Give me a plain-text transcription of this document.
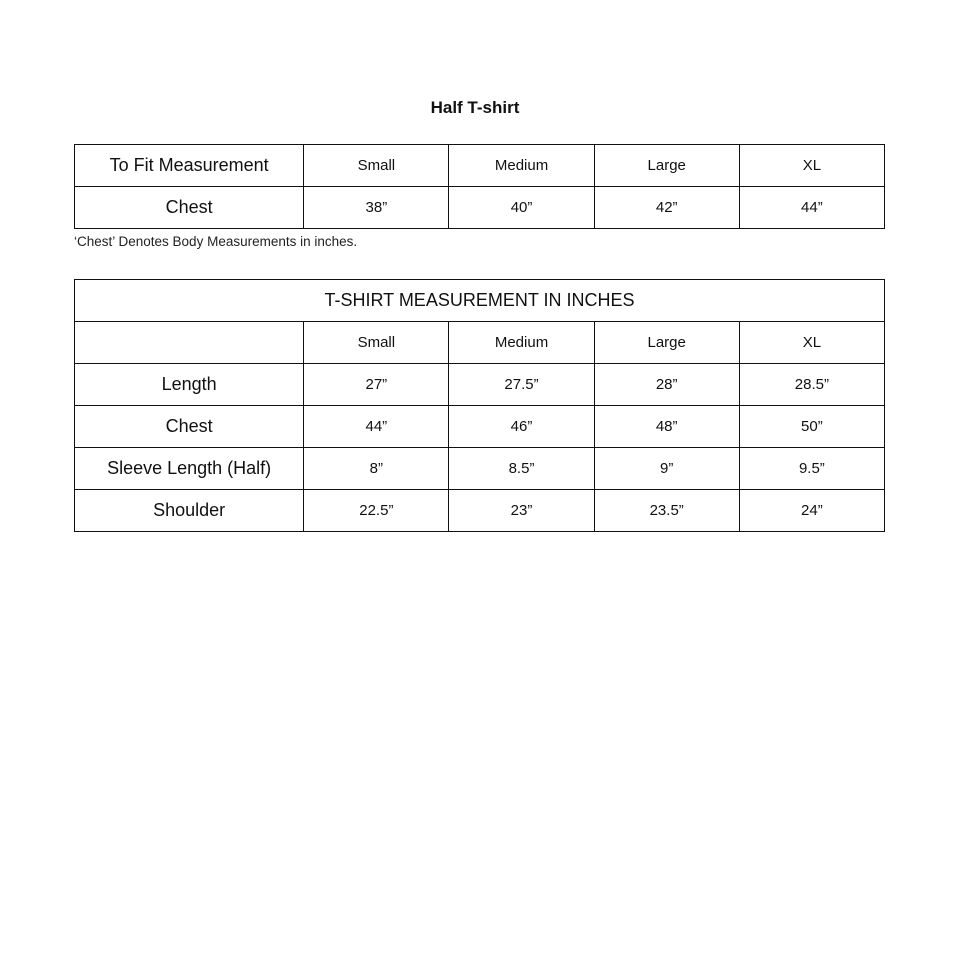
Half T-shirt
To Fit Measurement	Small	Medium	Large	XL
Chest	38”	40”	42”	44”
‘Chest’ Denotes Body Measurements in inches.
T-SHIRT MEASUREMENT IN INCHES				
	Small	Medium	Large	XL
Length	27”	27.5”	28”	28.5”
Chest	44”	46”	48”	50”
Sleeve Length (Half)	8”	8.5”	9”	9.5”
Shoulder	22.5”	23”	23.5”	24”
